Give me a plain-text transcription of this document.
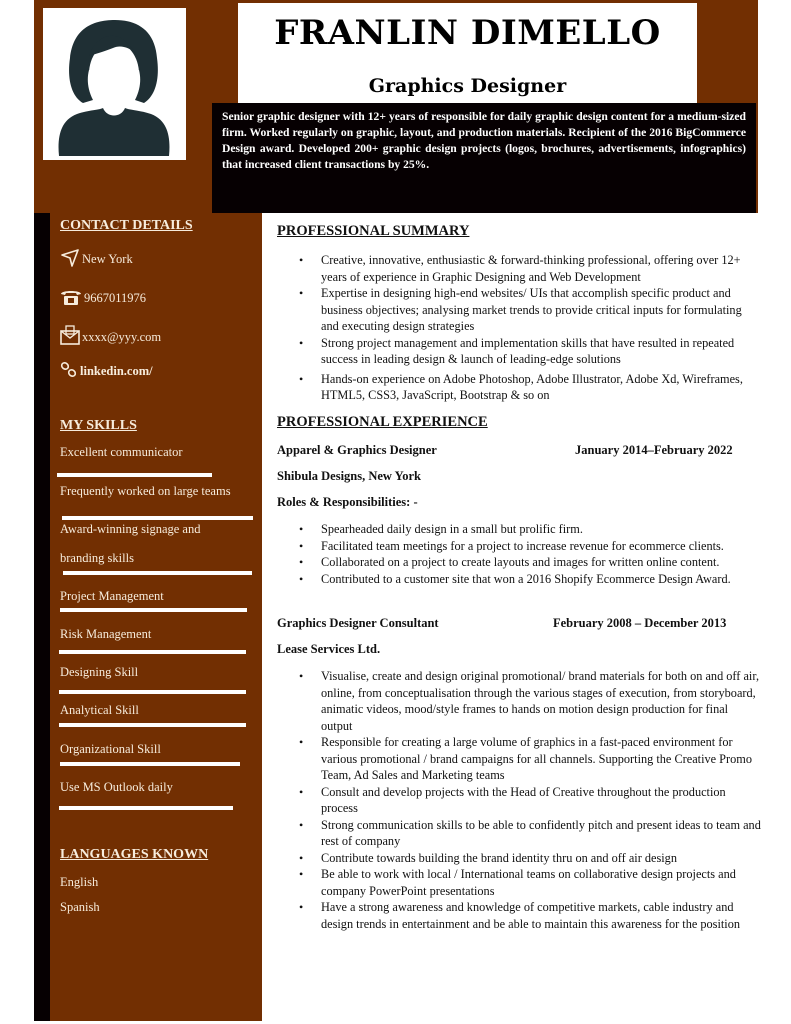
FRANLIN DIMELLO
Graphics Designer
Senior graphic designer with 12+ years of responsible for daily graphic design content for a medium-sized firm. Worked regularly on graphic, layout, and production materials. Recipient of the 2016 BigCommerce Design award. Developed 200+ graphic design projects (logos, brochures, advertisements, infographics) that increased client transactions by 25%.
CONTACT DETAILS
New York
9667011976
xxxx@yyy.com
linkedin.com/
MY SKILLS
Excellent communicator
Frequently worked on large teams
Award-winning signage and
branding skills
Project Management
Risk Management
Designing Skill
Analytical Skill
Organizational Skill
Use MS Outlook daily
LANGUAGES KNOWN
English
Spanish
PROFESSIONAL SUMMARY
• Creative, innovative, enthusiastic & forward-thinking professional, offering over 12+ years of experience in Graphic Designing and Web Development
• Expertise in designing high-end websites/ UIs that accomplish specific product and business objectives; analysing market trends to provide critical inputs for formulating and executing design strategies
• Strong project management and implementation skills that have resulted in repeated success in leading design & launch of leading-edge solutions
• Hands-on experience on Adobe Photoshop, Adobe Illustrator, Adobe Xd, Wireframes, HTML5, CSS3, JavaScript, Bootstrap & so on
PROFESSIONAL EXPERIENCE
Apparel & Graphics Designer	January 2014–February 2022
Shibula Designs, New York
Roles & Responsibilities: -
• Spearheaded daily design in a small but prolific firm.
• Facilitated team meetings for a project to increase revenue for ecommerce clients.
• Collaborated on a project to create layouts and images for written online content.
• Contributed to a customer site that won a 2016 Shopify Ecommerce Design Award.
Graphics Designer Consultant	February 2008 – December 2013
Lease Services Ltd.
• Visualise, create and design original promotional/ brand materials for both on and off air, online, from conceptualisation through the various stages of execution, from storyboard, animatic videos, mood/style frames to hands on motion design production for final output
• Responsible for creating a large volume of graphics in a fast-paced environment for various promotional / brand campaigns for all channels. Supporting the Creative Promo Team, Ad Sales and Marketing teams
• Consult and develop projects with the Head of Creative throughout the production process
• Strong communication skills to be able to confidently pitch and present ideas to team and rest of company
• Contribute towards building the brand identity thru on and off air design
• Be able to work with local / International teams on collaborative design projects and company PowerPoint presentations
• Have a strong awareness and knowledge of competitive markets, cable industry and design trends in entertainment and be able to maintain this awareness for the position
